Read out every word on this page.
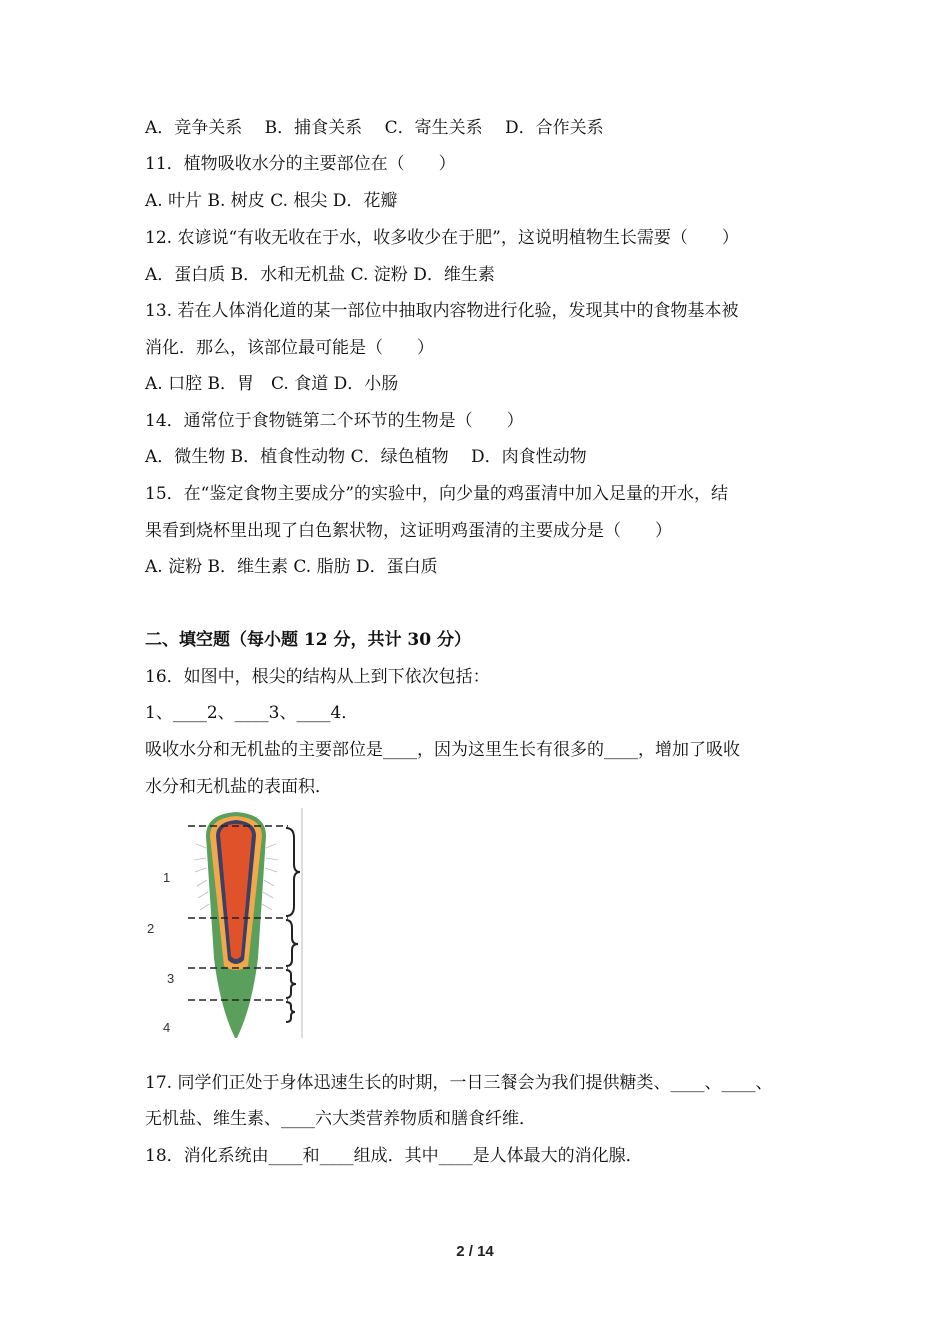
A．竞争关系　 B．捕食关系　 C．寄生关系　 D．合作关系
11．植物吸收水分的主要部位在（　　）
A. 叶片 B. 树皮 C. 根尖 D．花瓣
12. 农谚说“有收无收在于水，收多收少在于肥”，这说明植物生长需要（　　）
A．蛋白质 B．水和无机盐 C. 淀粉 D．维生素
13. 若在人体消化道的某一部位中抽取内容物进行化验，发现其中的食物基本被
消化．那么，该部位最可能是（　　）
A. 口腔 B．胃　C. 食道 D．小肠
14．通常位于食物链第二个环节的生物是（　　）
A．微生物 B．植食性动物 C．绿色植物　 D．肉食性动物
15．在“鉴定食物主要成分”的实验中，向少量的鸡蛋清中加入足量的开水，结
果看到烧杯里出现了白色絮状物，这证明鸡蛋清的主要成分是（　　）
A. 淀粉 B．维生素 C. 脂肪 D．蛋白质
二、填空题（每小题 12 分，共计 30 分）
16．如图中，根尖的结构从上到下依次包括：
1、____2、____3、____4．
吸收水分和无机盐的主要部位是____，因为这里生长有很多的____，增加了吸收
水分和无机盐的表面积．
1
2
3
4
17. 同学们正处于身体迅速生长的时期，一日三餐会为我们提供糖类、____、____、
无机盐、维生素、____六大类营养物质和膳食纤维．
18．消化系统由____和____组成．其中____是人体最大的消化腺．
2 / 14
